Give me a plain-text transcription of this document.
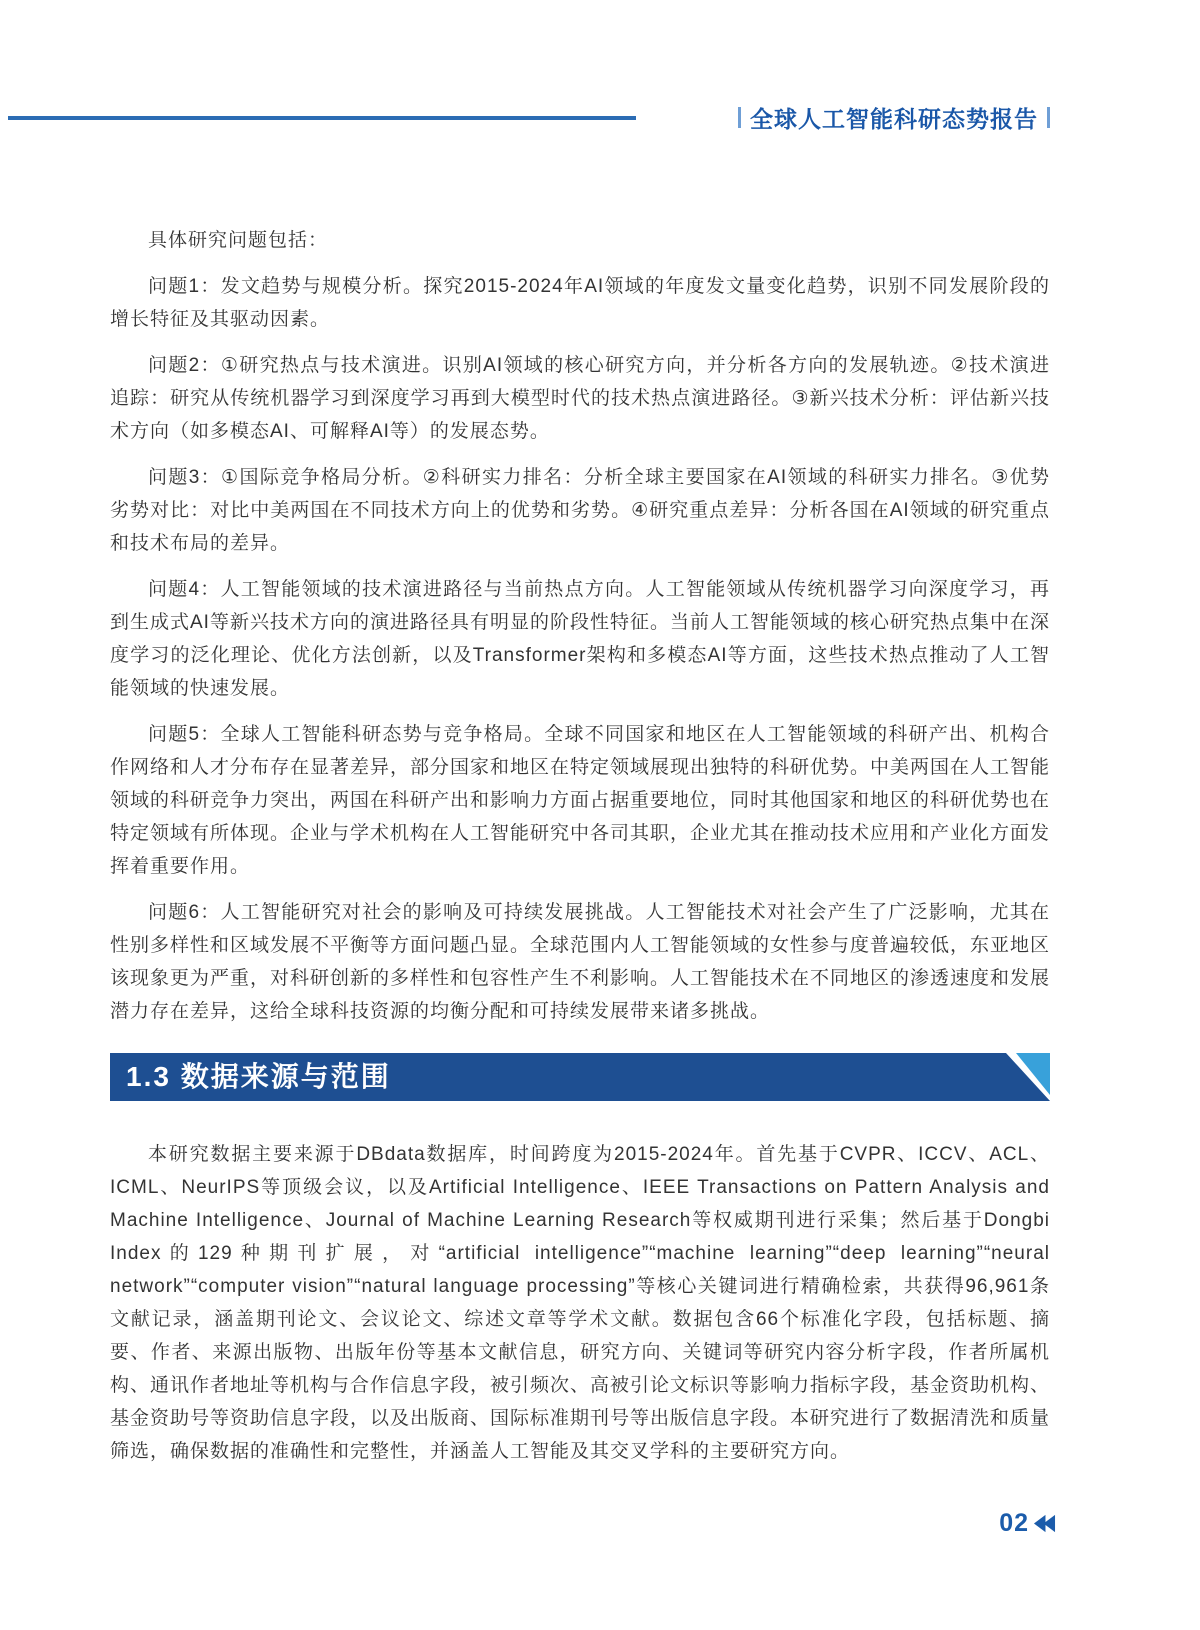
全球人工智能科研态势报告

具体研究问题包括：

问题1：发文趋势与规模分析。探究2015-2024年AI领域的年度发文量变化趋势，识别不同发展阶段的增长特征及其驱动因素。

问题2：①研究热点与技术演进。识别AI领域的核心研究方向，并分析各方向的发展轨迹。②技术演进追踪：研究从传统机器学习到深度学习再到大模型时代的技术热点演进路径。③新兴技术分析：评估新兴技术方向（如多模态AI、可解释AI等）的发展态势。

问题3：①国际竞争格局分析。②科研实力排名：分析全球主要国家在AI领域的科研实力排名。③优势劣势对比：对比中美两国在不同技术方向上的优势和劣势。④研究重点差异：分析各国在AI领域的研究重点和技术布局的差异。

问题4：人工智能领域的技术演进路径与当前热点方向。人工智能领域从传统机器学习向深度学习，再到生成式AI等新兴技术方向的演进路径具有明显的阶段性特征。当前人工智能领域的核心研究热点集中在深度学习的泛化理论、优化方法创新，以及Transformer架构和多模态AI等方面，这些技术热点推动了人工智能领域的快速发展。

问题5：全球人工智能科研态势与竞争格局。全球不同国家和地区在人工智能领域的科研产出、机构合作网络和人才分布存在显著差异，部分国家和地区在特定领域展现出独特的科研优势。中美两国在人工智能领域的科研竞争力突出，两国在科研产出和影响力方面占据重要地位，同时其他国家和地区的科研优势也在特定领域有所体现。企业与学术机构在人工智能研究中各司其职，企业尤其在推动技术应用和产业化方面发挥着重要作用。

问题6：人工智能研究对社会的影响及可持续发展挑战。人工智能技术对社会产生了广泛影响，尤其在性别多样性和区域发展不平衡等方面问题凸显。全球范围内人工智能领域的女性参与度普遍较低，东亚地区该现象更为严重，对科研创新的多样性和包容性产生不利影响。人工智能技术在不同地区的渗透速度和发展潜力存在差异，这给全球科技资源的均衡分配和可持续发展带来诸多挑战。

1.3 数据来源与范围

本研究数据主要来源于DBdata数据库，时间跨度为2015-2024年。首先基于CVPR、ICCV、ACL、ICML、NeurIPS等顶级会议，以及Artificial Intelligence、IEEE Transactions on Pattern Analysis and Machine Intelligence、Journal of Machine Learning Research等权威期刊进行采集；然后基于Dongbi Index的129种期刊扩展，对“artificial intelligence”“machine learning”“deep learning”“neural network”“computer vision”“natural language processing”等核心关键词进行精确检索，共获得96,961条文献记录，涵盖期刊论文、会议论文、综述文章等学术文献。数据包含66个标准化字段，包括标题、摘要、作者、来源出版物、出版年份等基本文献信息，研究方向、关键词等研究内容分析字段，作者所属机构、通讯作者地址等机构与合作信息字段，被引频次、高被引论文标识等影响力指标字段，基金资助机构、基金资助号等资助信息字段，以及出版商、国际标准期刊号等出版信息字段。本研究进行了数据清洗和质量筛选，确保数据的准确性和完整性，并涵盖人工智能及其交叉学科的主要研究方向。

02
